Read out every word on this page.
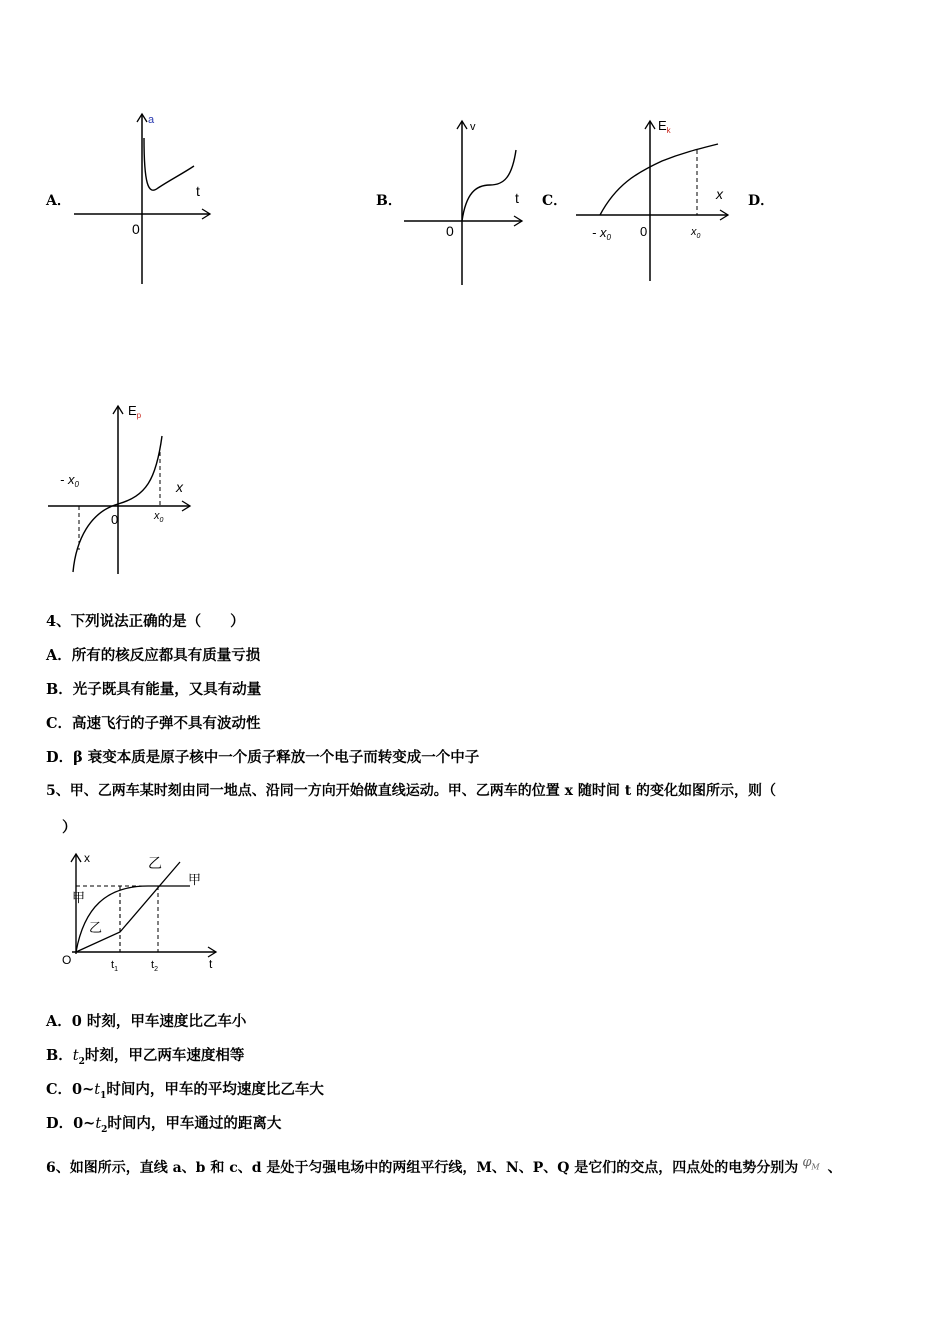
A．	B．	C．	D．
a
t
0
v
t
0
$E_k$
x
- $x_0$ 0	$x_0$
$E_p$
x
- $x_0$
0	$x_0$
4、下列说法正确的是（　　）
A．所有的核反应都具有质量亏损
B．光子既具有能量，又具有动量
C．高速飞行的子弹不具有波动性
D．β 衰变本质是原子核中一个质子释放一个电子而转变成一个中子
5、甲、乙两车某时刻由同一地点、沿同一方向开始做直线运动。甲、乙两车的位置 x 随时间 t 的变化如图所示，则（
）
乙
甲
甲
乙
x
t
O	$t_1$	$t_2$
A．0 时刻，甲车速度比乙车小
B．$t_2$时刻，甲乙两车速度相等
C．$0\sim t_1$时间内，甲车的平均速度比乙车大
D．$0\sim t_2$时间内，甲车通过的距离大
6、如图所示，直线 a、b 和 c、d 是处于匀强电场中的两组平行线，M、N、P、Q 是它们的交点，四点处的电势分别为 $\varphi_M$ 、
